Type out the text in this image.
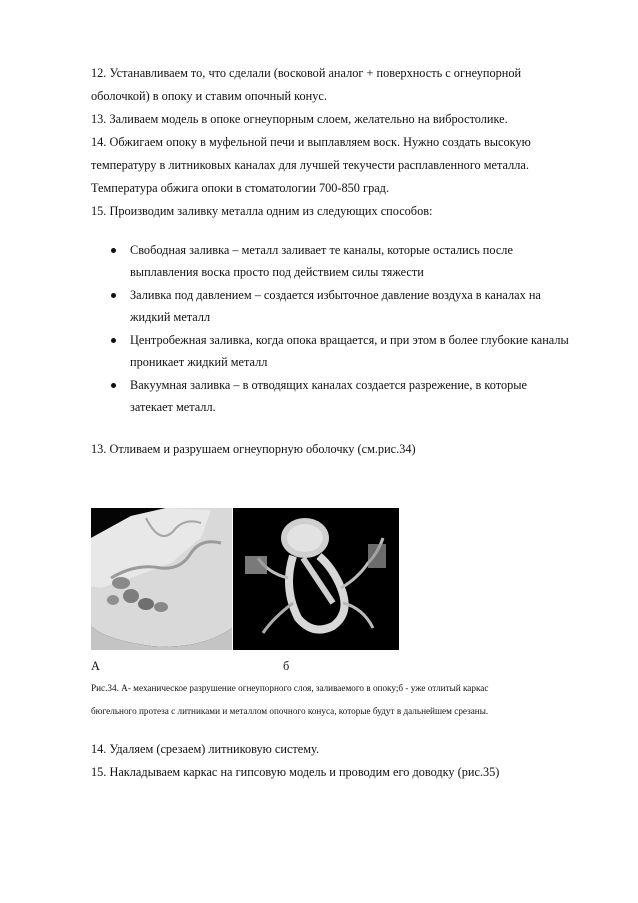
12. Устанавливаем то, что сделали (восковой аналог + поверхность с огнеупорной
оболочкой) в опоку и ставим опочный конус.
13. Заливаем модель в опоке огнеупорным слоем, желательно на вибростолике.
14. Обжигаем опоку в муфельной печи и выплавляем воск. Нужно создать высокую
температуру в литниковых каналах для лучшей текучести расплавленного металла.
Температура обжига опоки в стоматологии 700-850 град.
15. Производим заливку металла одним из следующих способов:
Свободная заливка – металл заливает те каналы, которые остались после
выплавления воска просто под действием силы тяжести
Заливка под давлением – создается избыточное давление воздуха в каналах на
жидкий металл
Центробежная заливка, когда опока вращается, и при этом в более глубокие каналы
проникает жидкий металл
Вакуумная заливка – в отводящих каналах создается разрежение, в которые
затекает металл.
13. Отливаем и разрушаем огнеупорную оболочку (см.рис.34)
А	б
Рис.34. А- механическое разрушение огнеупорного слоя, заливаемого в опоку;б - уже отлитый каркас
бюгельного протеза с литниками и металлом опочного конуса, которые будут в дальнейшем срезаны.
14. Удаляем (срезаем) литниковую систему.
15. Накладываем каркас на гипсовую модель и проводим его доводку (рис.35)
